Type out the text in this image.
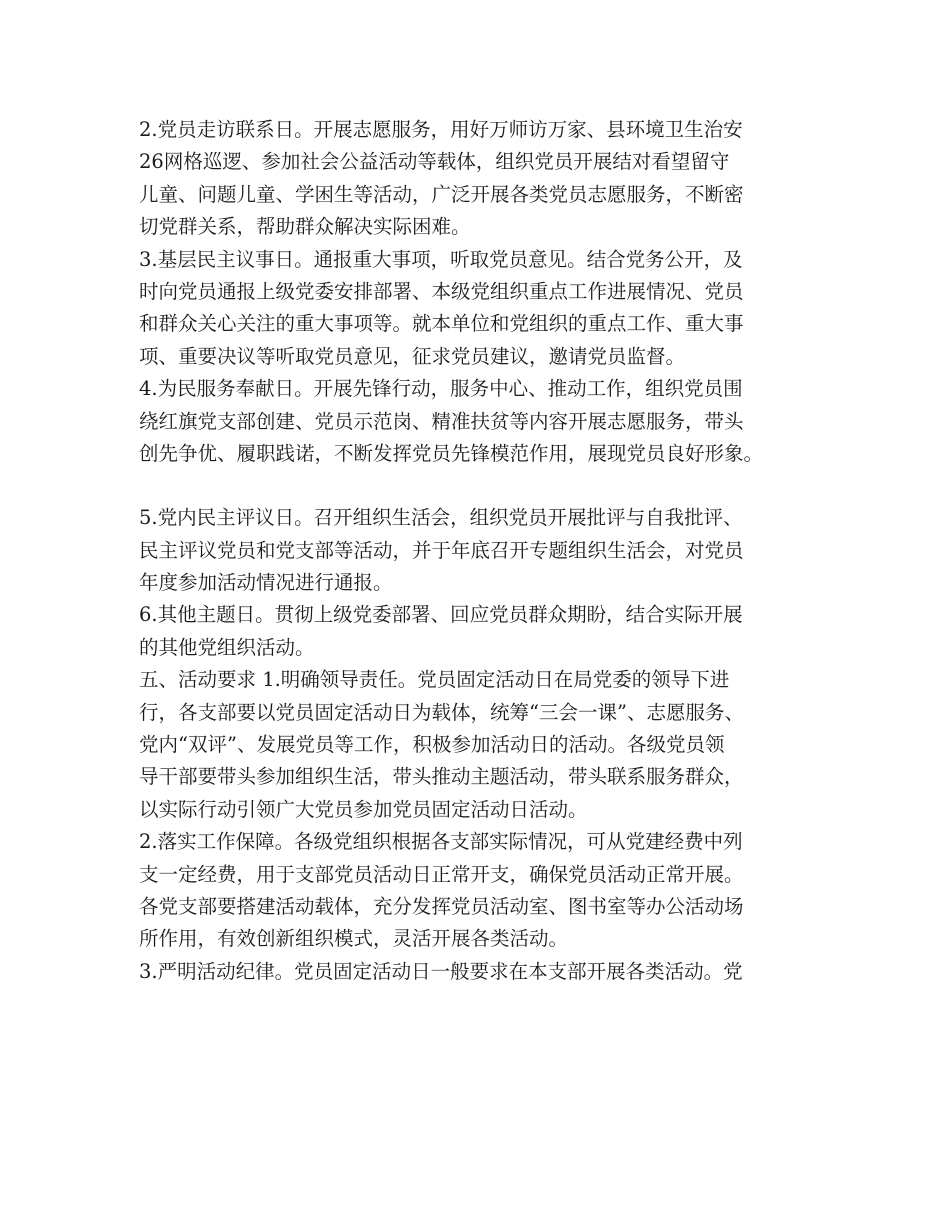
2.党员走访联系日。开展志愿服务，用好万师访万家、县环境卫生治安
26网格巡逻、参加社会公益活动等载体，组织党员开展结对看望留守
儿童、问题儿童、学困生等活动，广泛开展各类党员志愿服务，不断密
切党群关系，帮助群众解决实际困难。
3.基层民主议事日。通报重大事项，听取党员意见。结合党务公开，及
时向党员通报上级党委安排部署、本级党组织重点工作进展情况、党员
和群众关心关注的重大事项等。就本单位和党组织的重点工作、重大事
项、重要决议等听取党员意见，征求党员建议，邀请党员监督。
4.为民服务奉献日。开展先锋行动，服务中心、推动工作，组织党员围
绕红旗党支部创建、党员示范岗、精准扶贫等内容开展志愿服务，带头
创先争优、履职践诺，不断发挥党员先锋模范作用，展现党员良好形象。
5.党内民主评议日。召开组织生活会，组织党员开展批评与自我批评、
民主评议党员和党支部等活动，并于年底召开专题组织生活会，对党员
年度参加活动情况进行通报。
6.其他主题日。贯彻上级党委部署、回应党员群众期盼，结合实际开展
的其他党组织活动。
五、活动要求 1.明确领导责任。党员固定活动日在局党委的领导下进
行，各支部要以党员固定活动日为载体，统筹“三会一课”、志愿服务、
党内“双评”、发展党员等工作，积极参加活动日的活动。各级党员领
导干部要带头参加组织生活，带头推动主题活动，带头联系服务群众，
以实际行动引领广大党员参加党员固定活动日活动。
2.落实工作保障。各级党组织根据各支部实际情况，可从党建经费中列
支一定经费，用于支部党员活动日正常开支，确保党员活动正常开展。
各党支部要搭建活动载体，充分发挥党员活动室、图书室等办公活动场
所作用，有效创新组织模式，灵活开展各类活动。
3.严明活动纪律。党员固定活动日一般要求在本支部开展各类活动。党
